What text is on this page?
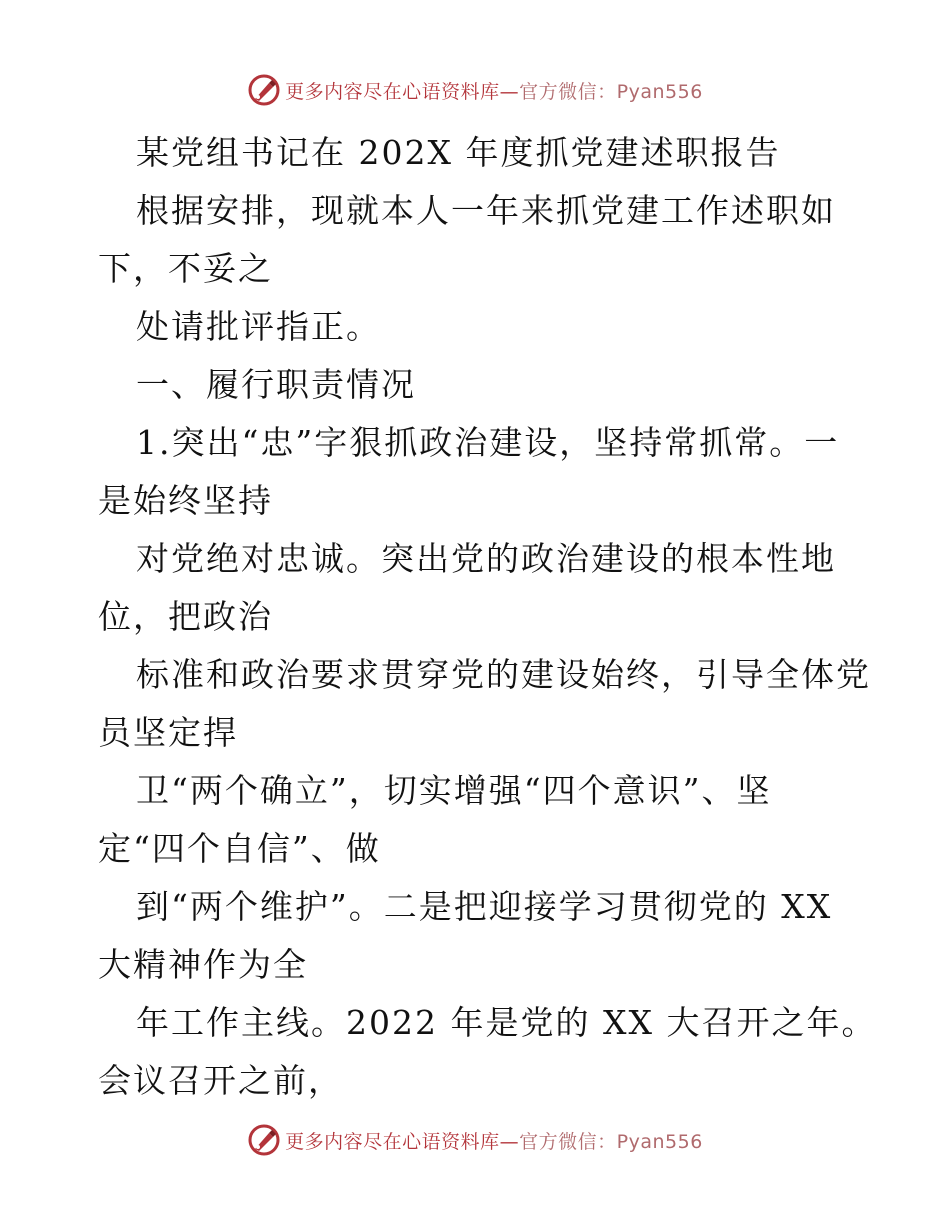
更多内容尽在心语资料库—官方微信：Pyan556
某党组书记在 202X 年度抓党建述职报告
根据安排，现就本人一年来抓党建工作述职如
下，不妥之
处请批评指正。
一、履行职责情况
1.突出“忠”字狠抓政治建设，坚持常抓常。一
是始终坚持
对党绝对忠诚。突出党的政治建设的根本性地
位，把政治
标准和政治要求贯穿党的建设始终，引导全体党
员坚定捍
卫“两个确立”，切实增强“四个意识”、坚
定“四个自信”、做
到“两个维护”。二是把迎接学习贯彻党的 XX
大精神作为全
年工作主线。2022 年是党的 XX 大召开之年。
会议召开之前，
更多内容尽在心语资料库—官方微信：Pyan556
